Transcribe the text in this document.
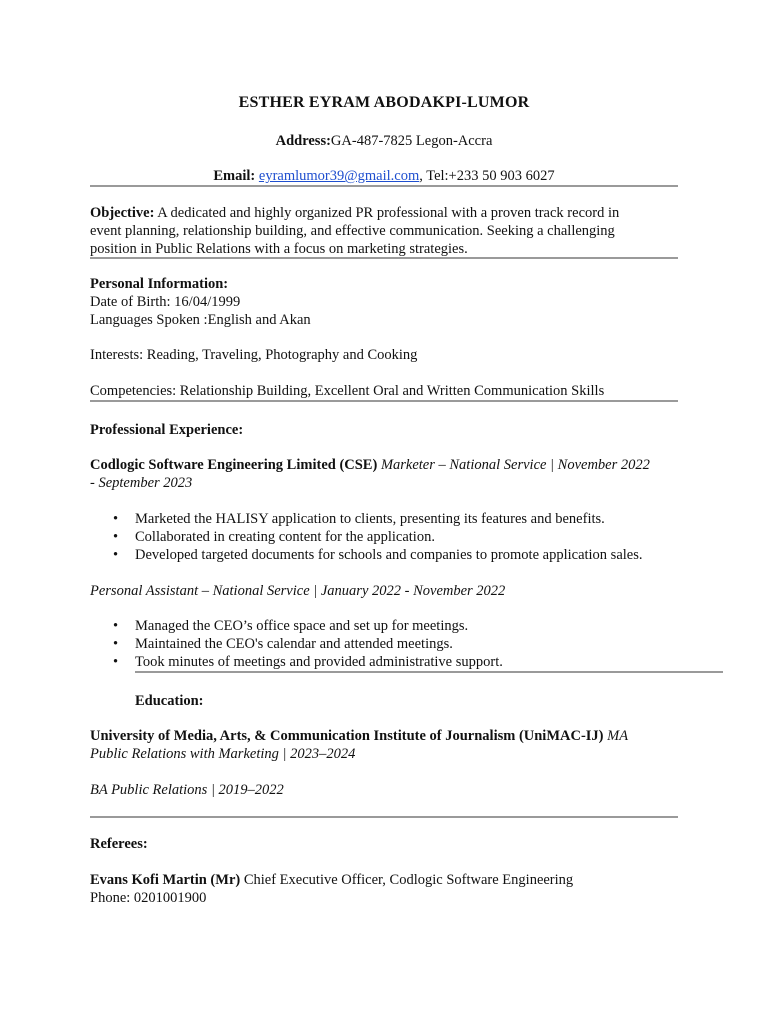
ESTHER EYRAM ABODAKPI-LUMOR
Address:GA-487-7825 Legon-Accra
Email: eyramlumor39@gmail.com, Tel:+233 50 903 6027
Objective: A dedicated and highly organized PR professional with a proven track record in
event planning, relationship building, and effective communication. Seeking a challenging
position in Public Relations with a focus on marketing strategies.
Personal Information:
Date of Birth: 16/04/1999
Languages Spoken :English and Akan
Interests: Reading, Traveling, Photography and Cooking
Competencies: Relationship Building, Excellent Oral and Written Communication Skills
Professional Experience:
Codlogic Software Engineering Limited (CSE) Marketer – National Service | November 2022
- September 2023
• Marketed the HALISY application to clients, presenting its features and benefits.
• Collaborated in creating content for the application.
• Developed targeted documents for schools and companies to promote application sales.
Personal Assistant – National Service | January 2022 - November 2022
• Managed the CEO’s office space and set up for meetings.
• Maintained the CEO's calendar and attended meetings.
• Took minutes of meetings and provided administrative support.
Education:
University of Media, Arts, & Communication Institute of Journalism (UniMAC-IJ) MA
Public Relations with Marketing | 2023–2024
BA Public Relations | 2019–2022
Referees:
Evans Kofi Martin (Mr) Chief Executive Officer, Codlogic Software Engineering
Phone: 0201001900
